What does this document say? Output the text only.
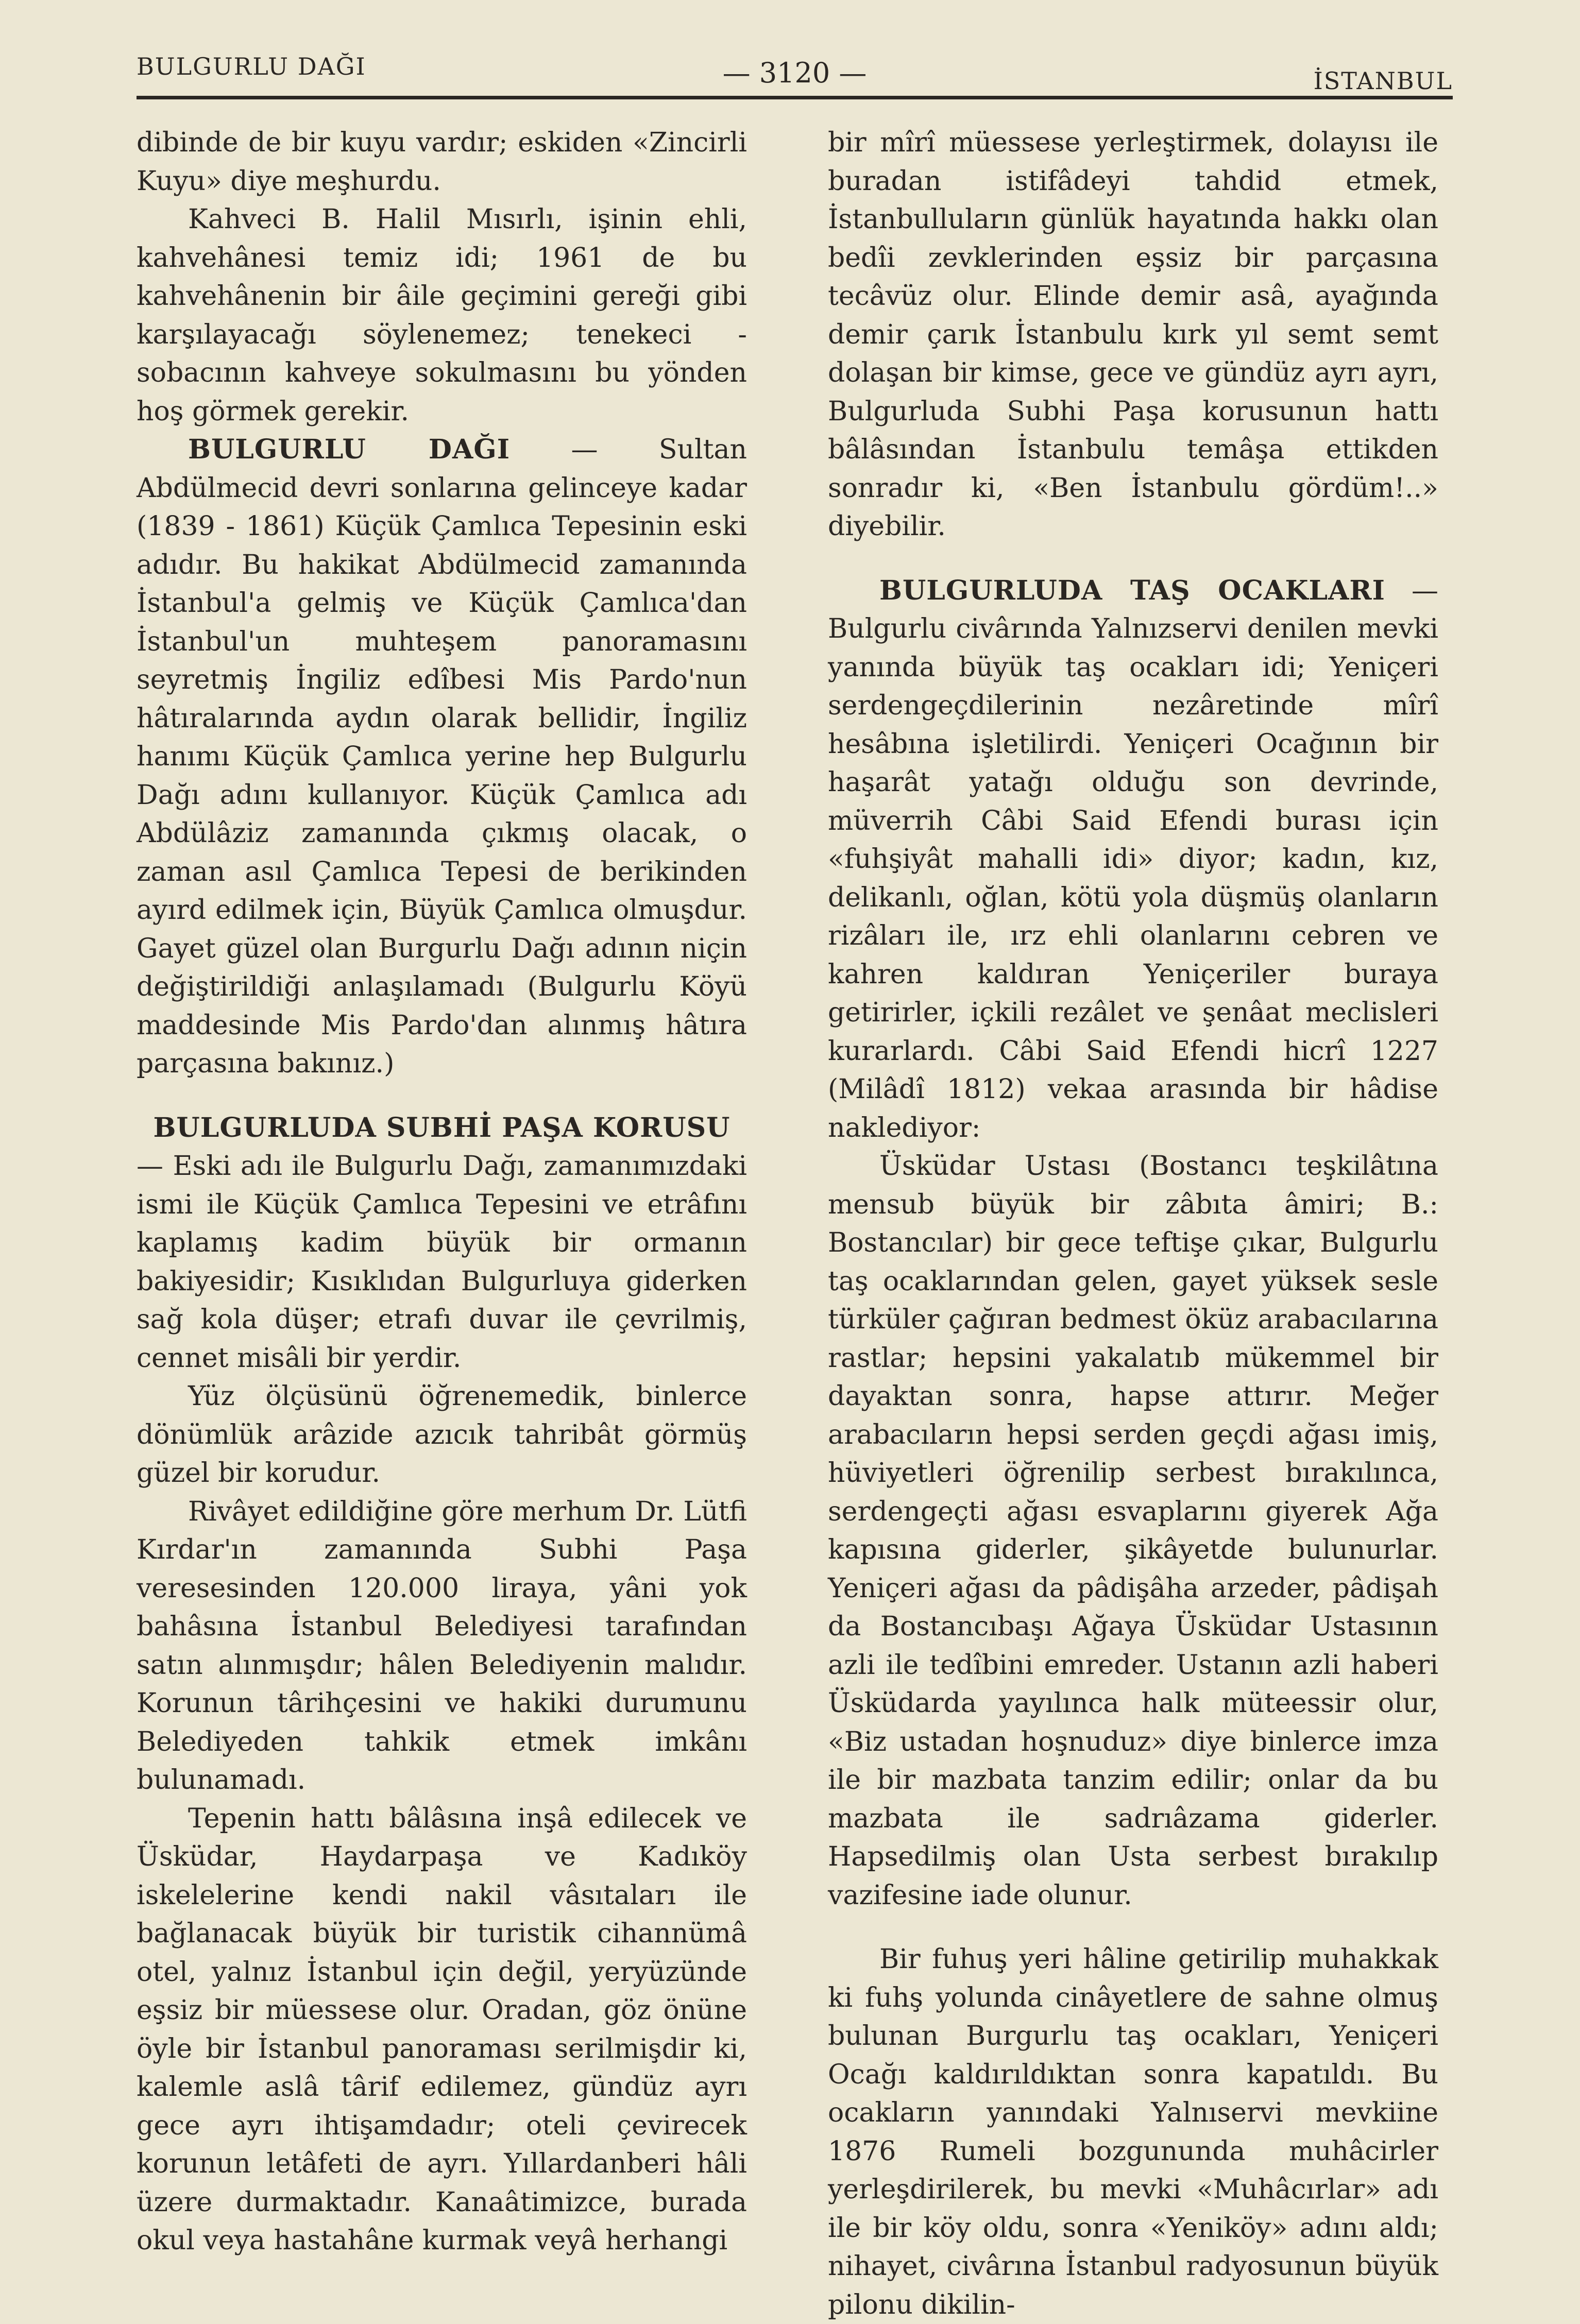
BULGURLU DAĞI	— 3120 —	İSTANBUL

dibinde de bir kuyu vardır; eskiden «Zincirli Kuyu» diye meşhurdu.

Kahveci B. Halil Mısırlı, işinin ehli, kahvehânesi temiz idi; 1961 de bu kahvehânenin bir âile geçimini gereği gibi karşılayacağı söylenemez; tenekeci - sobacının kahveye sokulmasını bu yönden hoş görmek gerekir.

BULGURLU DAĞI — Sultan Abdülmecid devri sonlarına gelinceye kadar (1839 - 1861) Küçük Çamlıca Tepesinin eski adıdır. Bu hakikat Abdülmecid zamanında İstanbul'a gelmiş ve Küçük Çamlıca'dan İstanbul'un muhteşem panoramasını seyretmiş İngiliz edîbesi Mis Pardo'nun hâtıralarında aydın olarak bellidir, İngiliz hanımı Küçük Çamlıca yerine hep Bulgurlu Dağı adını kullanıyor. Küçük Çamlıca adı Abdülâziz zamanında çıkmış olacak, o zaman asıl Çamlıca Tepesi de berikinden ayırd edilmek için, Büyük Çamlıca olmuşdur. Gayet güzel olan Burgurlu Dağı adının niçin değiştirildiği anlaşılamadı (Bulgurlu Köyü maddesinde Mis Pardo'dan alınmış hâtıra parçasına bakınız.)

BULGURLUDA SUBHİ PAŞA KORUSU

— Eski adı ile Bulgurlu Dağı, zamanımızdaki ismi ile Küçük Çamlıca Tepesini ve etrâfını kaplamış kadim büyük bir ormanın bakiyesidir; Kısıklıdan Bulgurluya giderken sağ kola düşer; etrafı duvar ile çevrilmiş, cennet misâli bir yerdir.

Yüz ölçüsünü öğrenemedik, binlerce dönümlük arâzide azıcık tahribât görmüş güzel bir korudur.

Rivâyet edildiğine göre merhum Dr. Lütfi Kırdar'ın zamanında Subhi Paşa veresesinden 120.000 liraya, yâni yok bahâsına İstanbul Belediyesi tarafından satın alınmışdır; hâlen Belediyenin malıdır. Korunun târihçesini ve hakiki durumunu Belediyeden tahkik etmek imkânı bulunamadı.

Tepenin hattı bâlâsına inşâ edilecek ve Üsküdar, Haydarpaşa ve Kadıköy iskelelerine kendi nakil vâsıtaları ile bağlanacak büyük bir turistik cihannümâ otel, yalnız İstanbul için değil, yeryüzünde eşsiz bir müessese olur. Oradan, göz önüne öyle bir İstanbul panoraması serilmişdir ki, kalemle aslâ târif edilemez, gündüz ayrı gece ayrı ihtişamdadır; oteli çevirecek korunun letâfeti de ayrı. Yıllardanberi hâli üzere durmaktadır. Kanaâtimizce, burada okul veya hastahâne kurmak veyâ herhangi

bir mîrî müessese yerleştirmek, dolayısı ile buradan istifâdeyi tahdid etmek, İstanbulluların günlük hayatında hakkı olan bedîi zevklerinden eşsiz bir parçasına tecâvüz olur. Elinde demir asâ, ayağında demir çarık İstanbulu kırk yıl semt semt dolaşan bir kimse, gece ve gündüz ayrı ayrı, Bulgurluda Subhi Paşa korusunun hattı bâlâsından İstanbulu temâşa ettikden sonradır ki, «Ben İstanbulu gördüm!..» diyebilir.

BULGURLUDA TAŞ OCAKLARI — Bulgurlu civârında Yalnızservi denilen mevki yanında büyük taş ocakları idi; Yeniçeri serdengeçdilerinin nezâretinde mîrî hesâbına işletilirdi. Yeniçeri Ocağının bir haşarât yatağı olduğu son devrinde, müverrih Câbi Said Efendi burası için «fuhşiyât mahalli idi» diyor; kadın, kız, delikanlı, oğlan, kötü yola düşmüş olanların rizâları ile, ırz ehli olanlarını cebren ve kahren kaldıran Yeniçeriler buraya getirirler, içkili rezâlet ve şenâat meclisleri kurarlardı. Câbi Said Efendi hicrî 1227 (Milâdî 1812) vekaa arasında bir hâdise naklediyor:

Üsküdar Ustası (Bostancı teşkilâtına mensub büyük bir zâbıta âmiri; B.: Bostancılar) bir gece teftişe çıkar, Bulgurlu taş ocaklarından gelen, gayet yüksek sesle türküler çağıran bedmest öküz arabacılarına rastlar; hepsini yakalatıb mükemmel bir dayaktan sonra, hapse attırır. Meğer arabacıların hepsi serden geçdi ağası imiş, hüviyetleri öğrenilip serbest bırakılınca, serdengeçti ağası esvaplarını giyerek Ağa kapısına giderler, şikâyetde bulunurlar. Yeniçeri ağası da pâdişâha arzeder, pâdişah da Bostancıbaşı Ağaya Üsküdar Ustasının azli ile tedîbini emreder. Ustanın azli haberi Üsküdarda yayılınca halk müteessir olur, «Biz ustadan hoşnuduz» diye binlerce imza ile bir mazbata tanzim edilir; onlar da bu mazbata ile sadrıâzama giderler. Hapsedilmiş olan Usta serbest bırakılıp vazifesine iade olunur.

Bir fuhuş yeri hâline getirilip muhakkak ki fuhş yolunda cinâyetlere de sahne olmuş bulunan Burgurlu taş ocakları, Yeniçeri Ocağı kaldırıldıktan sonra kapatıldı. Bu ocakların yanındaki Yalnıservi mevkiine 1876 Rumeli bozgununda muhâcirler yerleşdirilerek, bu mevki «Muhâcırlar» adı ile bir köy oldu, sonra «Yeniköy» adını aldı; nihayet, civârına İstanbul radyosunun büyük pilonu dikilin-
